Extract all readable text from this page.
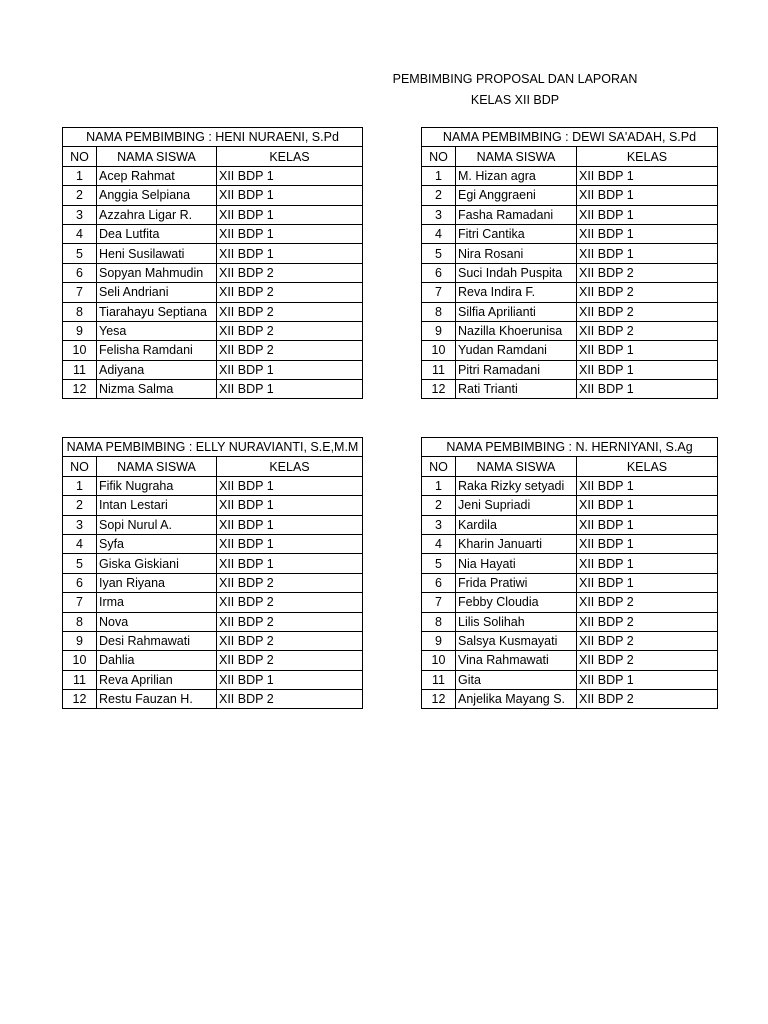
PEMBIMBING PROPOSAL DAN LAPORAN
KELAS XII BDP
NAMA PEMBIMBING : HENI NURAENI, S.Pd		
NO	NAMA SISWA	KELAS
1	Acep Rahmat	XII BDP 1
2	Anggia Selpiana	XII BDP 1
3	Azzahra Ligar R.	XII BDP 1
4	Dea Lutfita	XII BDP 1
5	Heni Susilawati	XII BDP 1
6	Sopyan Mahmudin	XII BDP 2
7	Seli Andriani	XII BDP 2
8	Tiarahayu Septiana	XII BDP 2
9	Yesa	XII BDP 2
10	Felisha Ramdani	XII BDP 2
11	Adiyana	XII BDP 1
12	Nizma Salma	XII BDP 1
NAMA PEMBIMBING : DEWI SA'ADAH, S.Pd		
NO	NAMA SISWA	KELAS
1	M. Hizan agra	XII BDP 1
2	Egi Anggraeni	XII BDP 1
3	Fasha Ramadani	XII BDP 1
4	Fitri Cantika	XII BDP 1
5	Nira Rosani	XII BDP 1
6	Suci Indah Puspita	XII BDP 2
7	Reva Indira F.	XII BDP 2
8	Silfia Aprilianti	XII BDP 2
9	Nazilla Khoerunisa	XII BDP 2
10	Yudan Ramdani	XII BDP 1
11	Pitri Ramadani	XII BDP 1
12	Rati Trianti	XII BDP 1
NAMA PEMBIMBING : ELLY NURAVIANTI, S.E,M.M		
NO	NAMA SISWA	KELAS
1	Fifik Nugraha	XII BDP 1
2	Intan Lestari	XII BDP 1
3	Sopi Nurul A.	XII BDP 1
4	Syfa	XII BDP 1
5	Giska Giskiani	XII BDP 1
6	Iyan Riyana	XII BDP 2
7	Irma	XII BDP 2
8	Nova	XII BDP 2
9	Desi Rahmawati	XII BDP 2
10	Dahlia	XII BDP 2
11	Reva Aprilian	XII BDP 1
12	Restu Fauzan H.	XII BDP 2
NAMA PEMBIMBING : N. HERNIYANI, S.Ag		
NO	NAMA SISWA	KELAS
1	Raka Rizky setyadi	XII BDP 1
2	Jeni Supriadi	XII BDP 1
3	Kardila	XII BDP 1
4	Kharin Januarti	XII BDP 1
5	Nia Hayati	XII BDP 1
6	Frida Pratiwi	XII BDP 1
7	Febby Cloudia	XII BDP 2
8	Lilis Solihah	XII BDP 2
9	Salsya Kusmayati	XII BDP 2
10	Vina Rahmawati	XII BDP 2
11	Gita	XII BDP 1
12	Anjelika Mayang S.	XII BDP 2
